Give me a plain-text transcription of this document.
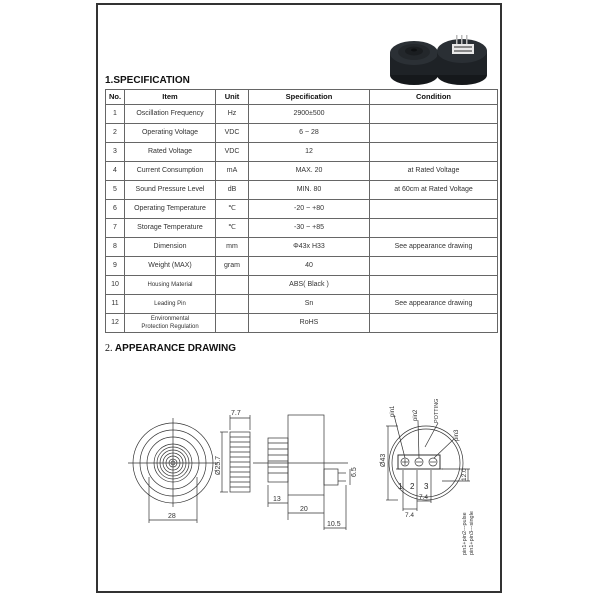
1.SPECIFICATION
No.	Item	Unit	Specification	Condition
1	Oscillation Frequency	Hz	2900±500	
2	Operating Voltage	VDC	6 ~ 28	
3	Rated Voltage	VDC	12	
4	Current Consumption	mA	MAX. 20	at Rated Voltage
5	Sound Pressure Level	dB	MIN. 80	at 60cm at Rated Voltage
6	Operating Temperature	℃	-20 ~ +80	
7	Storage Temperature	℃	-30 ~ +85	
8	Dimension	mm	Φ43x H33	See appearance drawing
9	Weight (MAX)	gram	40	
10	Housing Material		ABS( Black )	
11	Leading Pin		Sn	See appearance drawing
12	Environmental
Protection Regulation		RoHS	
2. APPEARANCE DRAWING
28
7.7
Ø25.7
13
20
10.5
6.5
1 2 3
Ø43
7.4
7.4
12.0
pin1	pin2	POTTING
pin3
pin1+pin2---pulse pin1+pin3---single
